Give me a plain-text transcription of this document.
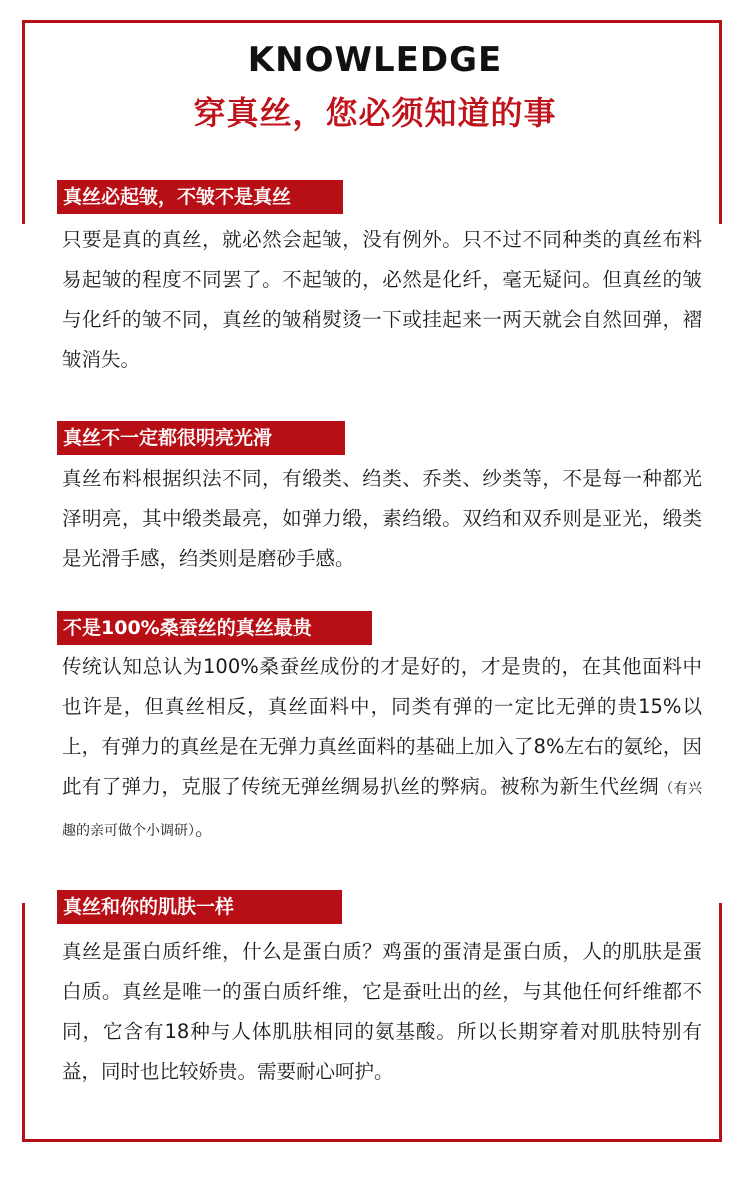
KNOWLEDGE
穿真丝，您必须知道的事
真丝必起皱，不皱不是真丝

只要是真的真丝，就必然会起皱，没有例外。只不过不同种类的真丝布料易起皱的程度不同罢了。不起皱的，必然是化纤，毫无疑问。但真丝的皱与化纤的皱不同，真丝的皱稍熨烫一下或挂起来一两天就会自然回弹，褶皱消失。

真丝不一定都很明亮光滑

真丝布料根据织法不同，有缎类、绉类、乔类、纱类等，不是每一种都光泽明亮，其中缎类最亮，如弹力缎，素绉缎。双绉和双乔则是亚光，缎类是光滑手感，绉类则是磨砂手感。

不是100%桑蚕丝的真丝最贵

传统认知总认为100%桑蚕丝成份的才是好的，才是贵的，在其他面料中也许是，但真丝相反，真丝面料中，同类有弹的一定比无弹的贵15%以上，有弹力的真丝是在无弹力真丝面料的基础上加入了8%左右的氨纶，因此有了弹力，克服了传统无弹丝绸易扒丝的弊病。被称为新生代丝绸（有兴趣的亲可做个小调研）。

真丝和你的肌肤一样

真丝是蛋白质纤维，什么是蛋白质？鸡蛋的蛋清是蛋白质，人的肌肤是蛋白质。真丝是唯一的蛋白质纤维，它是蚕吐出的丝，与其他任何纤维都不同，它含有18种与人体肌肤相同的氨基酸。所以长期穿着对肌肤特别有益，同时也比较娇贵。需要耐心呵护。
